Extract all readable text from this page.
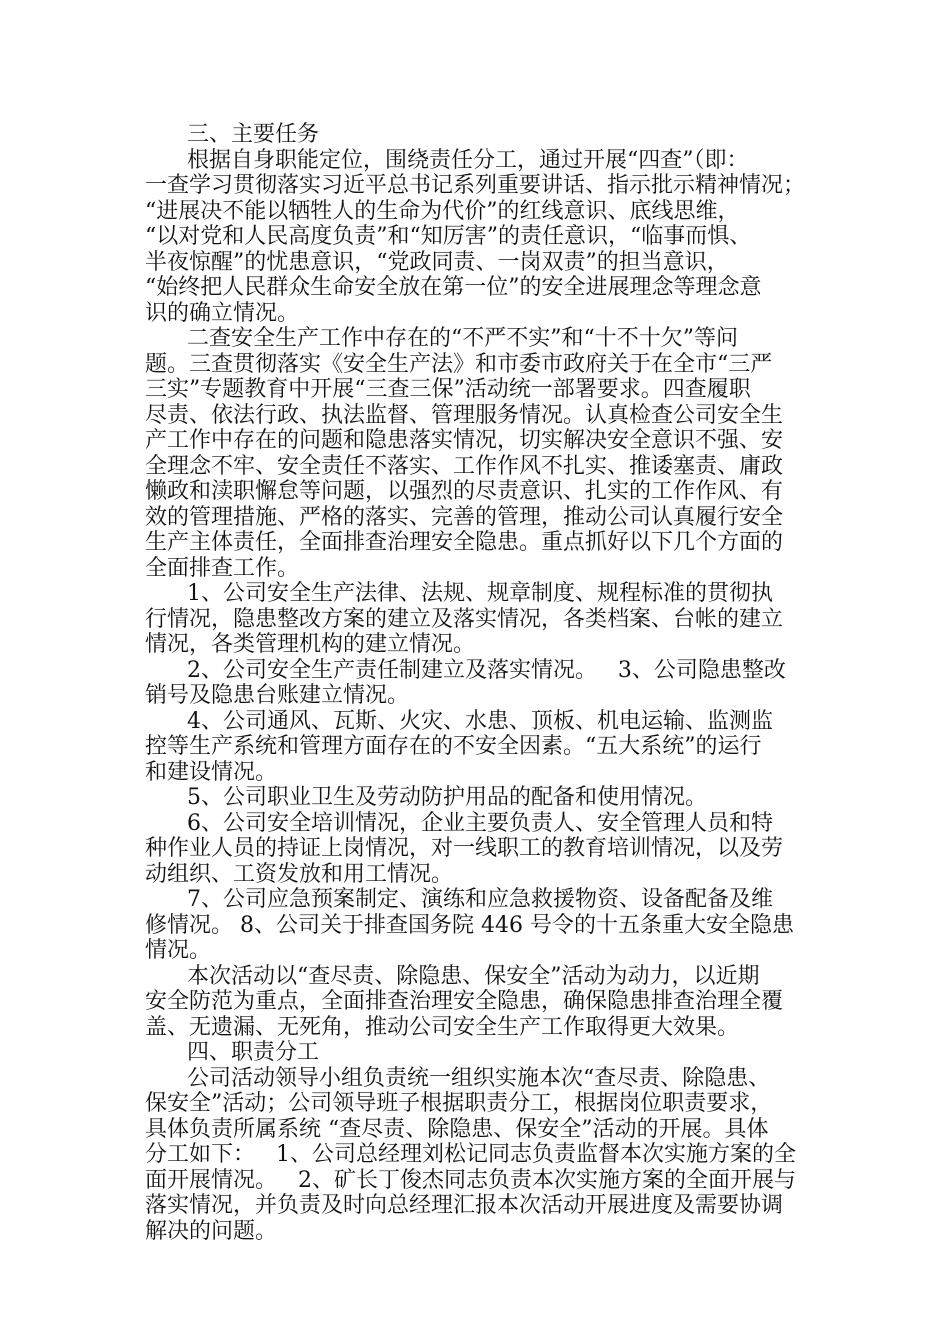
三、主要任务
根据自身职能定位，围绕责任分工，通过开展“四查”（即：
一查学习贯彻落实习近平总书记系列重要讲话、指示批示精神情况；
“进展决不能以牺牲人的生命为代价”的红线意识、底线思维，
“以对党和人民高度负责”和“知厉害”的责任意识，“临事而惧、
半夜惊醒”的忧患意识，“党政同责、一岗双责”的担当意识，
“始终把人民群众生命安全放在第一位”的安全进展理念等理念意
识的确立情况。
二查安全生产工作中存在的“不严不实”和“十不十欠”等问
题。三查贯彻落实《安全生产法》和市委市政府关于在全市“三严
三实”专题教育中开展“三查三保”活动统一部署要求。四查履职
尽责、依法行政、执法监督、管理服务情况。认真检查公司安全生
产工作中存在的问题和隐患落实情况，切实解决安全意识不强、安
全理念不牢、安全责任不落实、工作作风不扎实、推诿塞责、庸政
懒政和渎职懈怠等问题，以强烈的尽责意识、扎实的工作作风、有
效的管理措施、严格的落实、完善的管理，推动公司认真履行安全
生产主体责任，全面排查治理安全隐患。重点抓好以下几个方面的
全面排查工作。
1、公司安全生产法律、法规、规章制度、规程标准的贯彻执
行情况，隐患整改方案的建立及落实情况，各类档案、台帐的建立
情况，各类管理机构的建立情况。
2、公司安全生产责任制建立及落实情况。   3、公司隐患整改
销号及隐患台账建立情况。
4、公司通风、瓦斯、火灾、水患、顶板、机电运输、监测监
控等生产系统和管理方面存在的不安全因素。“五大系统”的运行
和建设情况。
5、公司职业卫生及劳动防护用品的配备和使用情况。
6、公司安全培训情况，企业主要负责人、安全管理人员和特
种作业人员的持证上岗情况，对一线职工的教育培训情况，以及劳
动组织、工资发放和用工情况。
7、公司应急预案制定、演练和应急救援物资、设备配备及维
修情况。 8、公司关于排查国务院 446 号令的十五条重大安全隐患
情况。
本次活动以“查尽责、除隐患、保安全”活动为动力，以近期
安全防范为重点，全面排查治理安全隐患，确保隐患排查治理全覆
盖、无遗漏、无死角，推动公司安全生产工作取得更大效果。
四、职责分工
公司活动领导小组负责统一组织实施本次“查尽责、除隐患、
保安全”活动；公司领导班子根据职责分工，根据岗位职责要求，
具体负责所属系统 “查尽责、除隐患、保安全”活动的开展。具体
分工如下：   1、公司总经理刘松记同志负责监督本次实施方案的全
面开展情况。   2、矿长丁俊杰同志负责本次实施方案的全面开展与
落实情况，并负责及时向总经理汇报本次活动开展进度及需要协调
解决的问题。
